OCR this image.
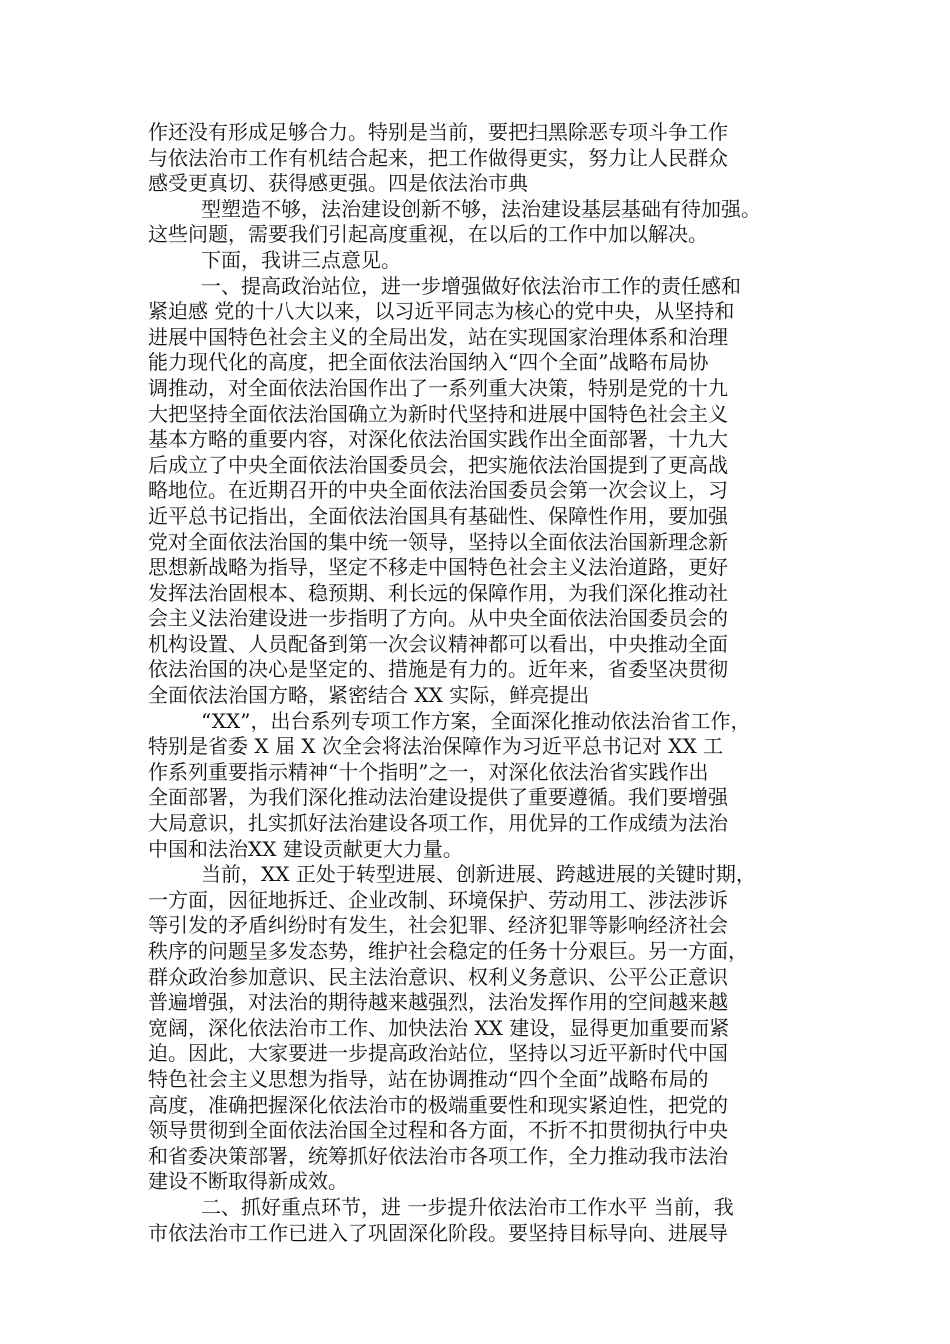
作还没有形成足够合力。特别是当前，要把扫黑除恶专项斗争工作
与依法治市工作有机结合起来，把工作做得更实，努力让人民群众
感受更真切、获得感更强。四是依法治市典
型塑造不够，法治建设创新不够，法治建设基层基础有待加强。
这些问题，需要我们引起高度重视，在以后的工作中加以解决。
下面，我讲三点意见。
一、提高政治站位，进一步增强做好依法治市工作的责任感和
紧迫感 党的十八大以来，以习近平同志为核心的党中央，从坚持和
进展中国特色社会主义的全局出发，站在实现国家治理体系和治理
能力现代化的高度，把全面依法治国纳入“四个全面”战略布局协
调推动，对全面依法治国作出了一系列重大决策，特别是党的十九
大把坚持全面依法治国确立为新时代坚持和进展中国特色社会主义
基本方略的重要内容，对深化依法治国实践作出全面部署，十九大
后成立了中央全面依法治国委员会，把实施依法治国提到了更高战
略地位。在近期召开的中央全面依法治国委员会第一次会议上，习
近平总书记指出，全面依法治国具有基础性、保障性作用，要加强
党对全面依法治国的集中统一领导，坚持以全面依法治国新理念新
思想新战略为指导，坚定不移走中国特色社会主义法治道路，更好
发挥法治固根本、稳预期、利长远的保障作用，为我们深化推动社
会主义法治建设进一步指明了方向。从中央全面依法治国委员会的
机构设置、人员配备到第一次会议精神都可以看出，中央推动全面
依法治国的决心是坚定的、措施是有力的。近年来，省委坚决贯彻
全面依法治国方略，紧密结合 XX 实际，鲜亮提出
“XX”，出台系列专项工作方案，全面深化推动依法治省工作，
特别是省委 X 届 X 次全会将法治保障作为习近平总书记对 XX 工
作系列重要指示精神“十个指明”之一，对深化依法治省实践作出
全面部署，为我们深化推动法治建设提供了重要遵循。我们要增强
大局意识，扎实抓好法治建设各项工作，用优异的工作成绩为法治
中国和法治XX 建设贡献更大力量。
当前，XX 正处于转型进展、创新进展、跨越进展的关键时期，
一方面，因征地拆迁、企业改制、环境保护、劳动用工、涉法涉诉
等引发的矛盾纠纷时有发生，社会犯罪、经济犯罪等影响经济社会
秩序的问题呈多发态势，维护社会稳定的任务十分艰巨。另一方面，
群众政治参加意识、民主法治意识、权利义务意识、公平公正意识
普遍增强，对法治的期待越来越强烈，法治发挥作用的空间越来越
宽阔，深化依法治市工作、加快法治 XX 建设，显得更加重要而紧
迫。因此，大家要进一步提高政治站位，坚持以习近平新时代中国
特色社会主义思想为指导，站在协调推动“四个全面”战略布局的
高度，准确把握深化依法治市的极端重要性和现实紧迫性，把党的
领导贯彻到全面依法治国全过程和各方面，不折不扣贯彻执行中央
和省委决策部署，统筹抓好依法治市各项工作，全力推动我市法治
建设不断取得新成效。
二、抓好重点环节，进 一步提升依法治市工作水平 当前，我
市依法治市工作已进入了巩固深化阶段。要坚持目标导向、进展导
